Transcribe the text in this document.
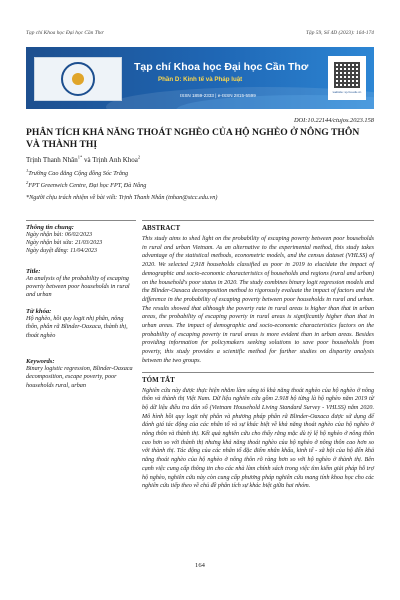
Tạp chí Khoa học Đại học Cần Thơ	Tập 59, Số 4D (2023): 164-174
Tạp chí Khoa học Đại học Cần Thơ
Phần D: Kinh tế và Pháp luật
ISSN 1859-2333 | e-ISSN 2815-5599
website: sj.ctu.edu.vn
DOI:10.22144/ctujos.2023.158
PHÂN TÍCH KHẢ NĂNG THOÁT NGHÈO CỦA HỘ NGHÈO Ở NÔNG THÔN VÀ THÀNH THỊ
Trịnh Thanh Nhân$^{1*}$ và Trịnh Anh Khoa$^2$
$^1$Trường Cao đẳng Cộng đồng Sóc Trăng
$^2$FPT Greenwich Centre, Đại học FPT, Đà Nẵng
*Người chịu trách nhiệm về bài viết: Trịnh Thanh Nhân (tnhan@stcc.edu.vn)
Thông tin chung:
Ngày nhận bài: 06/02/2023
Ngày nhận bài sửa: 21/03/2023
Ngày duyệt đăng: 11/04/2023
Title:
An analysis of the probability of escaping poverty between poor households in rural and urban
Từ khóa:
Hộ nghèo, hồi quy logit nhị phân, nông thôn, phân rã Blinder-Oaxaca, thành thị, thoát nghèo
Keywords:
Binary logistic regression, Blinder-Oaxaca decomposition, escape poverty, poor households rural, urban
ABSTRACT
This study aims to shed light on the probability of escaping poverty between poor households in rural and urban Vietnam. As an alternative to the experimental method, this study takes advantage of the statistical methods, econometric models, and the census dataset (VHLSS) of 2020. We selected 2,918 households classified as poor in 2019 to elucidate the impact of demographic and socio-economic characteristics of households and regions (rural and urban) on the household's poor status in 2020. The study combines binary logit regression models and the Blinder-Oaxaca decomposition method to rigorously evaluate the impact of factors and the difference in the probability of escaping poverty between poor households in rural and urban. The results showed that although the poverty rate in rural areas is higher than that in urban areas, the probability of escaping poverty in rural areas is significantly higher than that in urban areas. The impact of demographic and socio-economic characteristics factors on the probability of escaping poverty in rural areas is more evident than in urban areas. Besides providing information for policymakers seeking solutions to save poor households from poverty, this study provides a scientific method for further studies on disparity analysis between the two groups.
TÓM TẮT
Nghiên cứu này được thực hiện nhằm làm sáng tỏ khả năng thoát nghèo của hộ nghèo ở nông thôn và thành thị Việt Nam. Dữ liệu nghiên cứu gồm 2.918 hộ từng là hộ nghèo năm 2019 từ bộ dữ liệu điều tra dân số (Vietnam Household Living Standard Survey - VHLSS) năm 2020. Mô hình hồi quy logit nhị phân và phương pháp phân rã Blinder-Oaxaca được sử dụng để đánh giá tác động của các nhân tố và sự khác biệt về khả năng thoát nghèo của hộ nghèo ở nông thôn và thành thị. Kết quả nghiên cứu cho thấy rằng mặc dù tỷ lệ hộ nghèo ở nông thôn cao hơn so với thành thị nhưng khả năng thoát nghèo của hộ nghèo ở nông thôn cao hơn so với thành thị. Tác động của các nhân tố đặc điểm nhân khẩu, kinh tế - xã hội của hộ đến khả năng thoát nghèo của hộ nghèo ở nông thôn rõ ràng hơn so với hộ nghèo ở thành thị. Bên cạnh việc cung cấp thông tin cho các nhà làm chính sách trong việc tìm kiếm giải pháp hỗ trợ hộ nghèo, nghiên cứu này còn cung cấp phương pháp nghiên cứu mang tính khoa học cho các nghiên cứu tiếp theo về chủ đề phân tích sự khác biệt giữa hai nhóm.
164
